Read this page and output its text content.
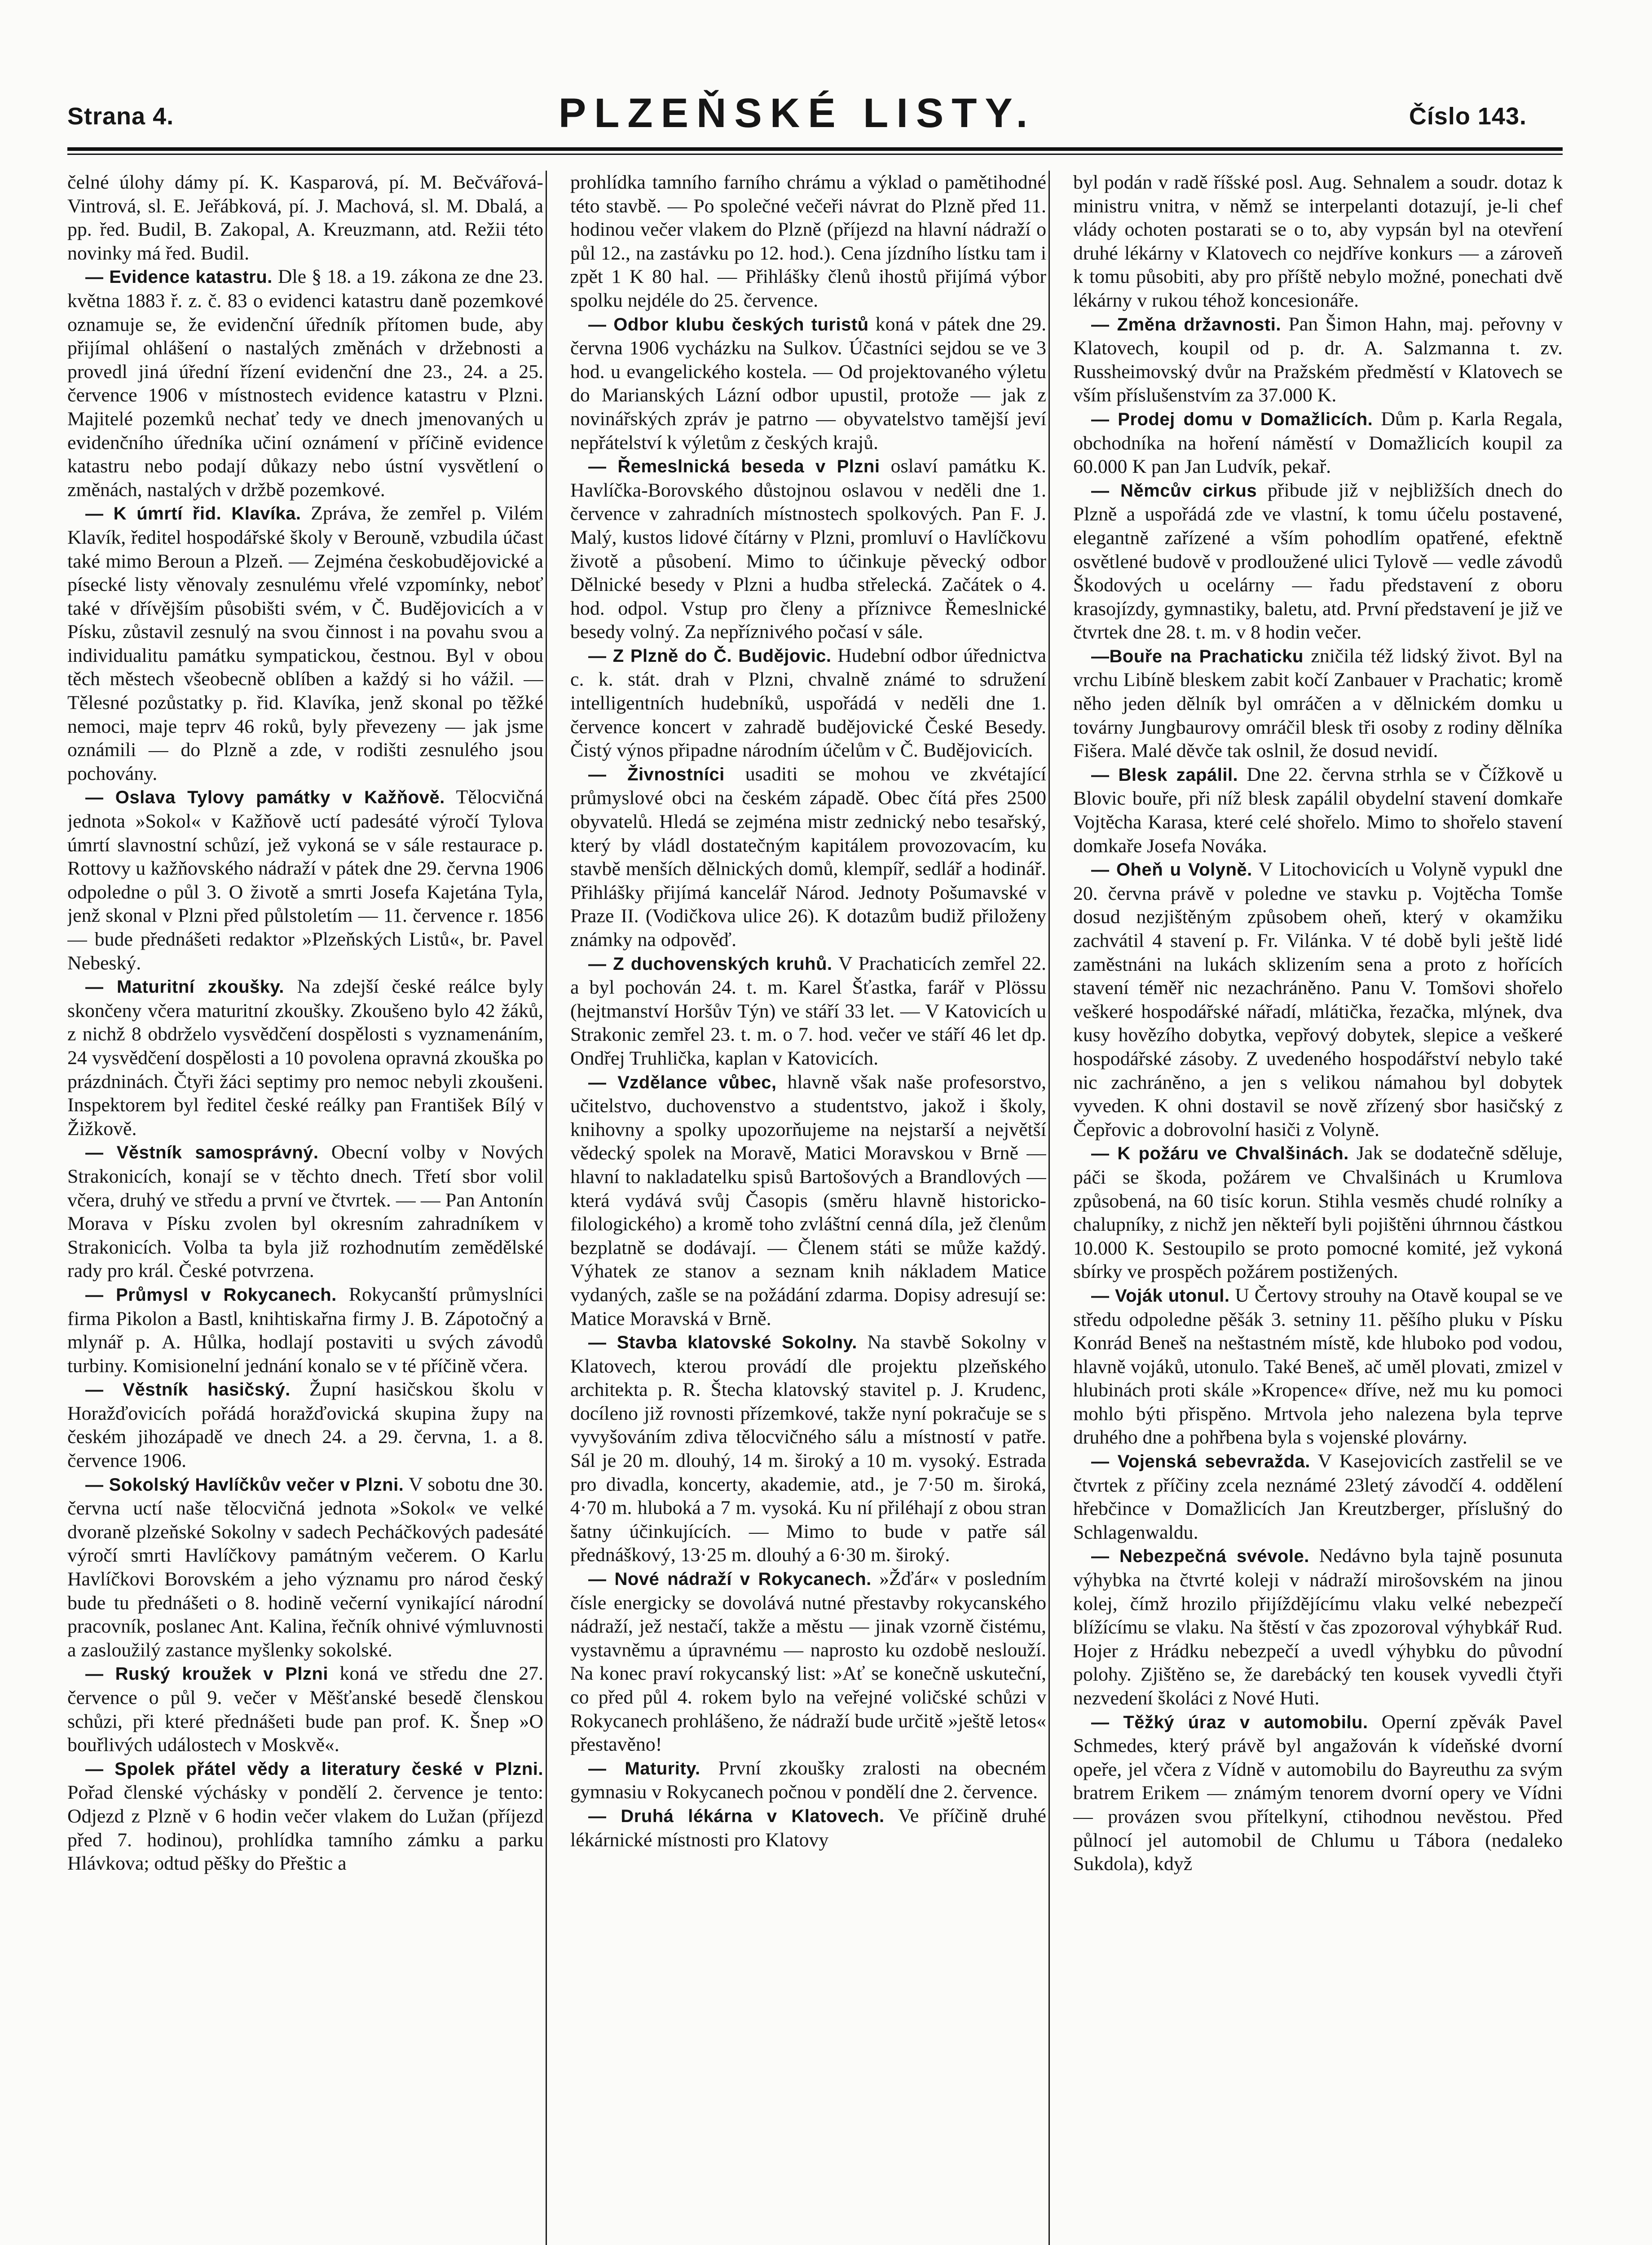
Strana 4.	PLZEŇSKÉ LISTY.	Číslo 143.

čelné úlohy dámy pí. K. Kasparová, pí. M. Bečvářová-Vintrová, sl. E. Jeřábková, pí. J. Machová, sl. M. Dbalá, a pp. řed. Budil, B. Zakopal, A. Kreuzmann, atd. Režii této novinky má řed. Budil.

— Evidence katastru. Dle § 18. a 19. zákona ze dne 23. května 1883 ř. z. č. 83 o evidenci katastru daně pozemkové oznamuje se, že evidenční úředník přítomen bude, aby přijímal ohlášení o nastalých změnách v držebnosti a provedl jiná úřední řízení evidenční dne 23., 24. a 25. července 1906 v místnostech evidence katastru v Plzni. Majitelé pozemků nechať tedy ve dnech jmenovaných u evidenčního úředníka učiní oznámení v příčině evidence katastru nebo podají důkazy nebo ústní vysvětlení o změnách, nastalých v držbě pozemkové.

— K úmrtí řid. Klavíka. Zpráva, že zemřel p. Vilém Klavík, ředitel hospodářské školy v Berouně, vzbudila účast také mimo Beroun a Plzeň. — Zejména českobudějovické a písecké listy věnovaly zesnulému vřelé vzpomínky, neboť také v dřívějším působišti svém, v Č. Budějovicích a v Písku, zůstavil zesnulý na svou činnost i na povahu svou a individualitu památku sympatickou, čestnou. Byl v obou těch městech všeobecně oblíben a každý si ho vážil. — Tělesné pozůstatky p. řid. Klavíka, jenž skonal po těžké nemoci, maje teprv 46 roků, byly převezeny — jak jsme oznámili — do Plzně a zde, v rodišti zesnulého jsou pochovány.

— Oslava Tylovy památky v Kažňově. Tělocvičná jednota »Sokol« v Kažňově uctí padesáté výročí Tylova úmrtí slavnostní schůzí, jež vykoná se v sále restaurace p. Rottovy u kažňovského nádraží v pátek dne 29. června 1906 odpoledne o půl 3. O životě a smrti Josefa Kajetána Tyla, jenž skonal v Plzni před půlstoletím — 11. července r. 1856 — bude přednášeti redaktor »Plzeňských Listů«, br. Pavel Nebeský.

— Maturitní zkoušky. Na zdejší české reálce byly skončeny včera maturitní zkoušky. Zkoušeno bylo 42 žáků, z nichž 8 obdrželo vysvědčení dospělosti s vyznamenáním, 24 vysvědčení dospělosti a 10 povolena opravná zkouška po prázdninách. Čtyři žáci septimy pro nemoc nebyli zkoušeni. Inspektorem byl ředitel české reálky pan František Bílý v Žižkově.

— Věstník samosprávný. Obecní volby v Nových Strakonicích, konají se v těchto dnech. Třetí sbor volil včera, druhý ve středu a první ve čtvrtek. — — Pan Antonín Morava v Písku zvolen byl okresním zahradníkem v Strakonicích. Volba ta byla již rozhodnutím zemědělské rady pro král. České potvrzena.

— Průmysl v Rokycanech. Rokycanští průmyslníci firma Pikolon a Bastl, knihtiskařna firmy J. B. Zápotočný a mlynář p. A. Hůlka, hodlají postaviti u svých závodů turbiny. Komisionelní jednání konalo se v té příčině včera.

— Věstník hasičský. Župní hasičskou školu v Horažďovicích pořádá horažďovická skupina župy na českém jihozápadě ve dnech 24. a 29. června, 1. a 8. července 1906.

— Sokolský Havlíčkův večer v Plzni. V sobotu dne 30. června uctí naše tělocvičná jednota »Sokol« ve velké dvoraně plzeňské Sokolny v sadech Pecháčkových padesáté výročí smrti Havlíčkovy památným večerem. O Karlu Havlíčkovi Borovském a jeho významu pro národ český bude tu přednášeti o 8. hodině večerní vynikající národní pracovník, poslanec Ant. Kalina, řečník ohnivé výmluvnosti a zasloužilý zastance myšlenky sokolské.

— Ruský kroužek v Plzni koná ve středu dne 27. července o půl 9. večer v Měšťanské besedě členskou schůzi, při které přednášeti bude pan prof. K. Šnep »O bouřlivých událostech v Moskvě«.

— Spolek přátel vědy a literatury české v Plzni. Pořad členské výchásky v pondělí 2. července je tento: Odjezd z Plzně v 6 hodin večer vlakem do Lužan (příjezd před 7. hodinou), prohlídka tamního zámku a parku Hlávkova; odtud pěšky do Přeštic a

prohlídka tamního farního chrámu a výklad o pamětihodné této stavbě. — Po společné večeři návrat do Plzně před 11. hodinou večer vlakem do Plzně (příjezd na hlavní nádraží o půl 12., na zastávku po 12. hod.). Cena jízdního lístku tam i zpět 1 K 80 hal. — Přihlášky členů ihostů přijímá výbor spolku nejdéle do 25. července.

— Odbor klubu českých turistů koná v pátek dne 29. června 1906 vycházku na Sulkov. Účastníci sejdou se ve 3 hod. u evangelického kostela. — Od projektovaného výletu do Marianských Lázní odbor upustil, protože — jak z novinářských zpráv je patrno — obyvatelstvo tamější jeví nepřátelství k výletům z českých krajů.

— Řemeslnická beseda v Plzni oslaví památku K. Havlíčka-Borovského důstojnou oslavou v neděli dne 1. července v zahradních místnostech spolkových. Pan F. J. Malý, kustos lidové čítárny v Plzni, promluví o Havlíčkovu životě a působení. Mimo to účinkuje pěvecký odbor Dělnické besedy v Plzni a hudba střelecká. Začátek o 4. hod. odpol. Vstup pro členy a příznivce Řemeslnické besedy volný. Za nepříznivého počasí v sále.

— Z Plzně do Č. Budějovic. Hudební odbor úřednictva c. k. stát. drah v Plzni, chvalně známé to sdružení intelligentních hudebníků, uspořádá v neděli dne 1. července koncert v zahradě budějovické České Besedy. Čistý výnos připadne národním účelům v Č. Budějovicích.

— Živnostníci usaditi se mohou ve zkvétající průmyslové obci na českém západě. Obec čítá přes 2500 obyvatelů. Hledá se zejména mistr zednický nebo tesařský, který by vládl dostatečným kapitálem provozovacím, ku stavbě menších dělnických domů, klempíř, sedlář a hodinář. Přihlášky přijímá kancelář Národ. Jednoty Pošumavské v Praze II. (Vodičkova ulice 26). K dotazům budiž přiloženy známky na odpověď.

— Z duchovenských kruhů. V Prachaticích zemřel 22. a byl pochován 24. t. m. Karel Šťastka, farář v Plössu (hejtmanství Horšův Týn) ve stáří 33 let. — V Katovicích u Strakonic zemřel 23. t. m. o 7. hod. večer ve stáří 46 let dp. Ondřej Truhlička, kaplan v Katovicích.

— Vzdělance vůbec, hlavně však naše profesorstvo, učitelstvo, duchovenstvo a studentstvo, jakož i školy, knihovny a spolky upozorňujeme na nejstarší a největší vědecký spolek na Moravě, Matici Moravskou v Brně — hlavní to nakladatelku spisů Bartošových a Brandlových — která vydává svůj Časopis (směru hlavně historicko-filologického) a kromě toho zvláštní cenná díla, jež členům bezplatně se dodávají. — Členem státi se může každý. Výhatek ze stanov a seznam knih nákladem Matice vydaných, zašle se na požádání zdarma. Dopisy adresují se: Matice Moravská v Brně.

— Stavba klatovské Sokolny. Na stavbě Sokolny v Klatovech, kterou provádí dle projektu plzeňského architekta p. R. Štecha klatovský stavitel p. J. Krudenc, docíleno již rovnosti přízemkové, takže nyní pokračuje se s vyvyšováním zdiva tělocvičného sálu a místností v patře. Sál je 20 m. dlouhý, 14 m. široký a 10 m. vysoký. Estrada pro divadla, koncerty, akademie, atd., je 7·50 m. široká, 4·70 m. hluboká a 7 m. vysoká. Ku ní přiléhají z obou stran šatny účinkujících. — Mimo to bude v patře sál přednáškový, 13·25 m. dlouhý a 6·30 m. široký.

— Nové nádraží v Rokycanech. »Žďár« v posledním čísle energicky se dovolává nutné přestavby rokycanského nádraží, jež nestačí, takže a městu — jinak vzorně čistému, vystavněmu a úpravnému — naprosto ku ozdobě neslouží. Na konec praví rokycanský list: »Ať se konečně uskuteční, co před půl 4. rokem bylo na veřejné voličské schůzi v Rokycanech prohlášeno, že nádraží bude určitě »ještě letos« přestavěno!

— Maturity. První zkoušky zralosti na obecném gymnasiu v Rokycanech počnou v pondělí dne 2. července.

— Druhá lékárna v Klatovech. Ve příčině druhé lékárnické místnosti pro Klatovy

byl podán v radě říšské posl. Aug. Sehnalem a soudr. dotaz k ministru vnitra, v němž se interpelanti dotazují, je-li chef vlády ochoten postarati se o to, aby vypsán byl na otevření druhé lékárny v Klatovech co nejdříve konkurs — a zároveň k tomu působiti, aby pro příště nebylo možné, ponechati dvě lékárny v rukou téhož koncesionáře.

— Změna državnosti. Pan Šimon Hahn, maj. peřovny v Klatovech, koupil od p. dr. A. Salzmanna t. zv. Russheimovský dvůr na Pražském předměstí v Klatovech se vším příslušenstvím za 37.000 K.

— Prodej domu v Domažlicích. Dům p. Karla Regala, obchodníka na hoření náměstí v Domažlicích koupil za 60.000 K pan Jan Ludvík, pekař.

— Němcův cirkus přibude již v nejbližších dnech do Plzně a uspořádá zde ve vlastní, k tomu účelu postavené, elegantně zařízené a vším pohodlím opatřené, efektně osvětlené budově v prodloužené ulici Tylově — vedle závodů Škodových u ocelárny — řadu představení z oboru krasojízdy, gymnastiky, baletu, atd. První představení je již ve čtvrtek dne 28. t. m. v 8 hodin večer.

—Bouře na Prachaticku zničila též lidský život. Byl na vrchu Libíně bleskem zabit kočí Zanbauer v Prachatic; kromě něho jeden dělník byl omráčen a v dělnickém domku u továrny Jungbaurovy omráčil blesk tři osoby z rodiny dělníka Fišera. Malé děvče tak oslnil, že dosud nevidí.

— Blesk zapálil. Dne 22. června strhla se v Čížkově u Blovic bouře, při níž blesk zapálil obydelní stavení domkaře Vojtěcha Karasa, které celé shořelo. Mimo to shořelo stavení domkaře Josefa Nováka.

— Oheň u Volyně. V Litochovicích u Volyně vypukl dne 20. června právě v poledne ve stavku p. Vojtěcha Tomše dosud nezjištěným způsobem oheň, který v okamžiku zachvátil 4 stavení p. Fr. Vilánka. V té době byli ještě lidé zaměstnáni na lukách sklizením sena a proto z hořících stavení téměř nic nezachráněno. Panu V. Tomšovi shořelo veškeré hospodářské nářadí, mlátička, řezačka, mlýnek, dva kusy hovězího dobytka, vepřový dobytek, slepice a veškeré hospodářské zásoby. Z uvedeného hospodářství nebylo také nic zachráněno, a jen s velikou námahou byl dobytek vyveden. K ohni dostavil se nově zřízený sbor hasičský z Čepřovic a dobrovolní hasiči z Volyně.

— K požáru ve Chvalšinách. Jak se dodatečně sděluje, páči se škoda, požárem ve Chvalšinách u Krumlova způsobená, na 60 tisíc korun. Stihla vesměs chudé rolníky a chalupníky, z nichž jen někteří byli pojištěni úhrnnou částkou 10.000 K. Sestoupilo se proto pomocné komité, jež vykoná sbírky ve prospěch požárem postižených.

— Voják utonul. U Čertovy strouhy na Otavě koupal se ve středu odpoledne pěšák 3. setniny 11. pěšího pluku v Písku Konrád Beneš na neštastném místě, kde hluboko pod vodou, hlavně vojáků, utonulo. Také Beneš, ač uměl plovati, zmizel v hlubinách proti skále »Kropence« dříve, než mu ku pomoci mohlo býti přispěno. Mrtvola jeho nalezena byla teprve druhého dne a pohřbena byla s vojenské plovárny.

— Vojenská sebevražda. V Kasejovicích zastřelil se ve čtvrtek z příčiny zcela neznámé 23letý závodčí 4. oddělení hřebčince v Domažlicích Jan Kreutzberger, příslušný do Schlagenwaldu.

— Nebezpečná svévole. Nedávno byla tajně posunuta výhybka na čtvrté koleji v nádraží mirošovském na jinou kolej, čímž hrozilo přijíždějícímu vlaku velké nebezpečí blížícímu se vlaku. Na štěstí v čas zpozoroval výhybkář Rud. Hojer z Hrádku nebezpečí a uvedl výhybku do původní polohy. Zjištěno se, že darebácký ten kousek vyvedli čtyři nezvedení školáci z Nové Huti.

— Těžký úraz v automobilu. Operní zpěvák Pavel Schmedes, který právě byl angažován k vídeňské dvorní opeře, jel včera z Vídně v automobilu do Bayreuthu za svým bratrem Erikem — známým tenorem dvorní opery ve Vídni — provázen svou přítelkyní, ctihodnou nevěstou. Před půlnocí jel automobil de Chlumu u Tábora (nedaleko Sukdola), když
